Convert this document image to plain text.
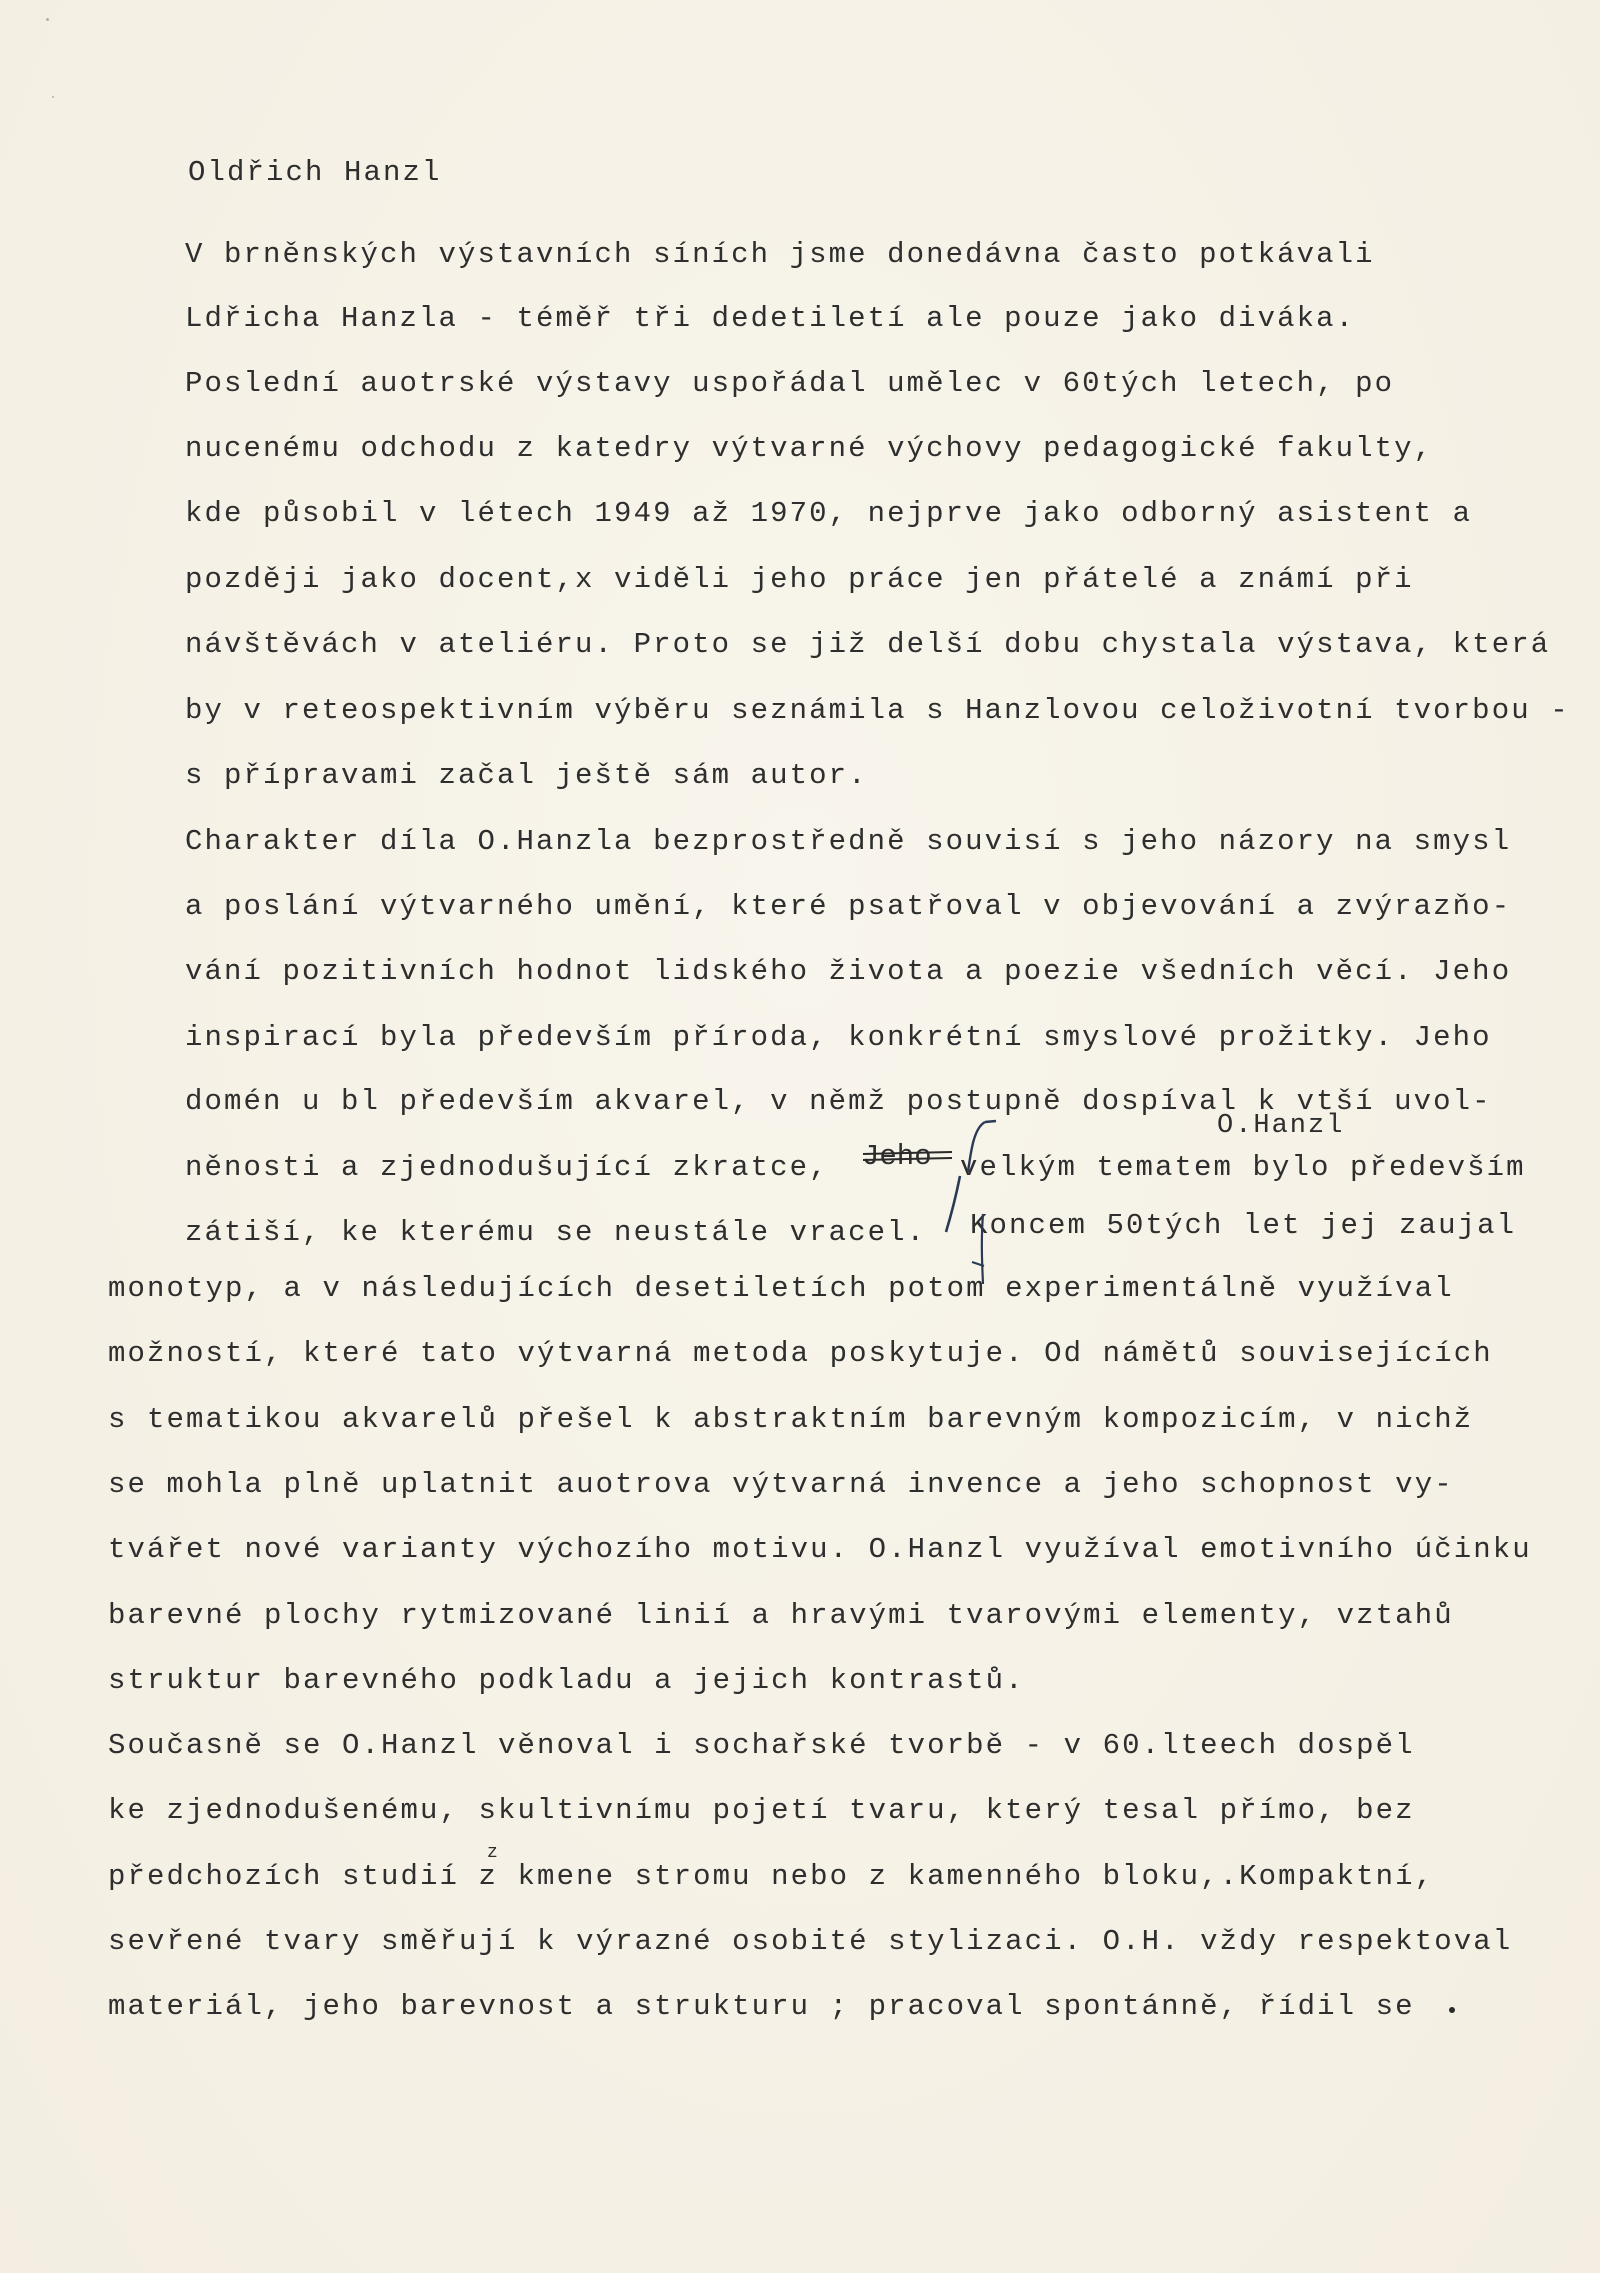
Oldřich Hanzl
V brněnských výstavních síních jsme donedávna často potkávali
Ldřicha Hanzla - téměř tři dedetiletí ale pouze jako diváka.
Poslední auotrské výstavy uspořádal umělec v 60tých letech, po
nucenému odchodu z katedry výtvarné výchovy pedagogické fakulty,
kde působil v létech 1949 až 1970, nejprve jako odborný asistent a
později jako docent,x viděli jeho práce jen přátelé a známí při
návštěvách v ateliéru. Proto se již delší dobu chystala výstava, která
by v reteospektivním výběru seznámila s Hanzlovou celoživotní tvorbou -
s přípravami začal ještě sám autor.
Charakter díla O.Hanzla bezprostředně souvisí s jeho názory na smysl
a poslání výtvarného umění, které psatřoval v objevování a zvýrazňo-
vání pozitivních hodnot lidského života a poezie všedních věcí. Jeho
inspirací byla především příroda, konkrétní smyslové prožitky. Jeho
domén u bl především akvarel, v němž postupně dospíval k vtší uvol-
O.Hanzl
něnosti a zjednodušující zkratce, Jeho velkým tematem bylo především
zátiší, ke kterému se neustále vracel. Koncem 50tých let jej zaujal
monotyp, a v následujících desetiletích potom experimentálně využíval
možností, které tato výtvarná metoda poskytuje. Od námětů souvisejících
s tematikou akvarelů přešel k abstraktním barevným kompozicím, v nichž
se mohla plně uplatnit auotrova výtvarná invence a jeho schopnost vy-
tvářet nové varianty výchozího motivu. O.Hanzl využíval emotivního účinku
barevné plochy rytmizované linií a hravými tvarovými elementy, vztahů
struktur barevného podkladu a jejich kontrastů.
Současně se O.Hanzl věnoval i sochařské tvorbě - v 60.lteech dospěl
ke zjednodušenému, skultivnímu pojetí tvaru, který tesal přímo, bez
předchozích studií z kmene stromu nebo z kamenného bloku,.Kompaktní,
z
sevřené tvary směřují k výrazné osobité stylizaci. O.H. vždy respektoval
materiál, jeho barevnost a strukturu ; pracoval spontánně, řídil se
